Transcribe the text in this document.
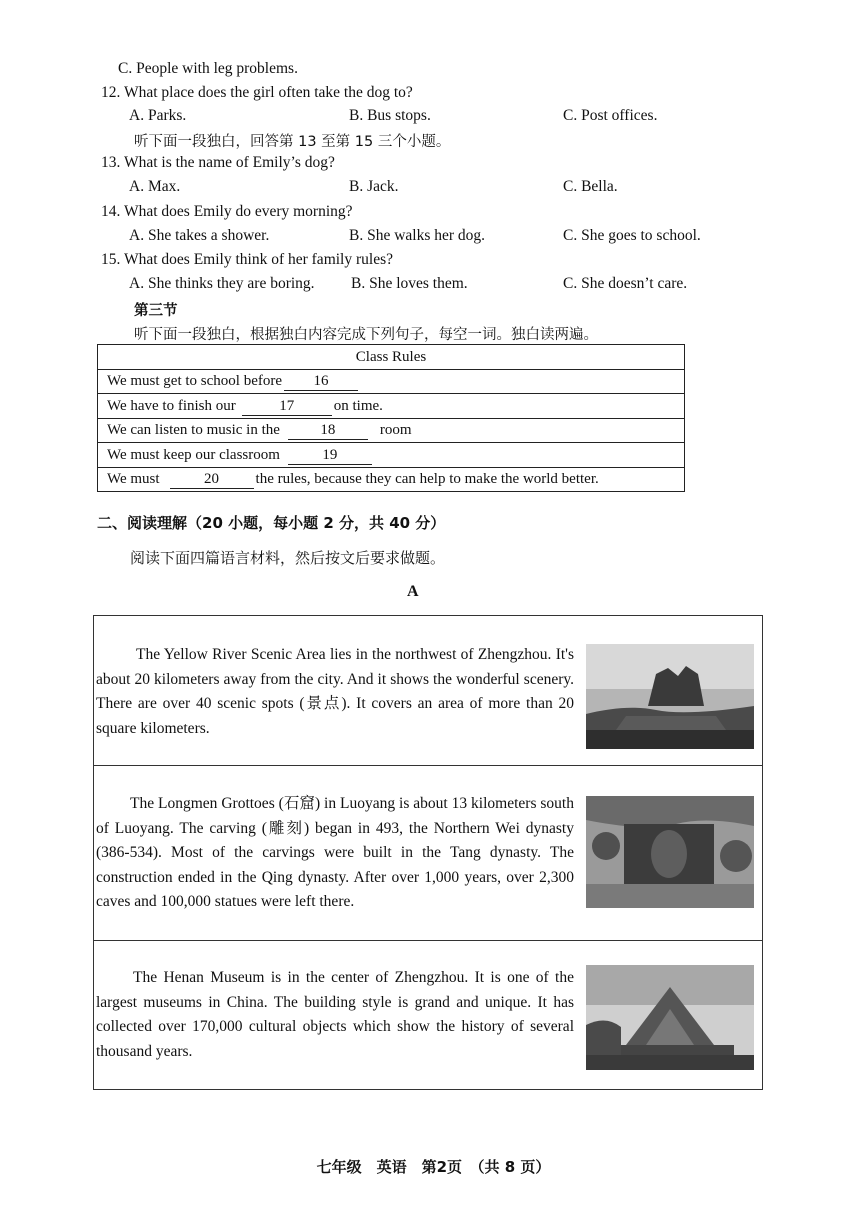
C. People with leg problems.
12. What place does the girl often take the dog to?
A. Parks.	B. Bus stops.	C. Post offices.
听下面一段独白，回答第 13 至第 15 三个小题。
13. What is the name of Emily’s dog?
A. Max.	B. Jack.	C. Bella.
14. What does Emily do every morning?
A. She takes a shower.	B. She walks her dog.	C. She goes to school.
15. What does Emily think of her family rules?
A. She thinks they are boring. B. She loves them.	C. She doesn’t care.
第三节
听下面一段独白，根据独白内容完成下列句子，每空一词。独白读两遍。
Class Rules
We must get to school before 16
We have to finish our	17	on time.
We can listen to music in the	18	room
We must keep our classroom	19
We must	20 the rules, because they can help to make the world better.
二、阅读理解（20 小题，每小题 2 分，共 40 分）
阅读下面四篇语言材料，然后按文后要求做题。
A
The Yellow River Scenic Area lies in the northwest of Zhengzhou. It's about 20 kilometers away from the city. And it shows the wonderful scenery. There are over 40 scenic spots (景点). It covers an area of more than 20 square kilometers.
The Longmen Grottoes (石窟) in Luoyang is about 13 kilometers south of Luoyang. The carving (雕刻) began in 493, the Northern Wei dynasty (386-534). Most of the carvings were built in the Tang dynasty. The construction ended in the Qing dynasty. After over 1,000 years, over 2,300 caves and 100,000 statues were left there.
The Henan Museum is in the center of Zhengzhou. It is one of the largest museums in China. The building style is grand and unique. It has collected over 170,000 cultural objects which show the history of several thousand years.
七年级　英语　第2页　（共 8 页）
